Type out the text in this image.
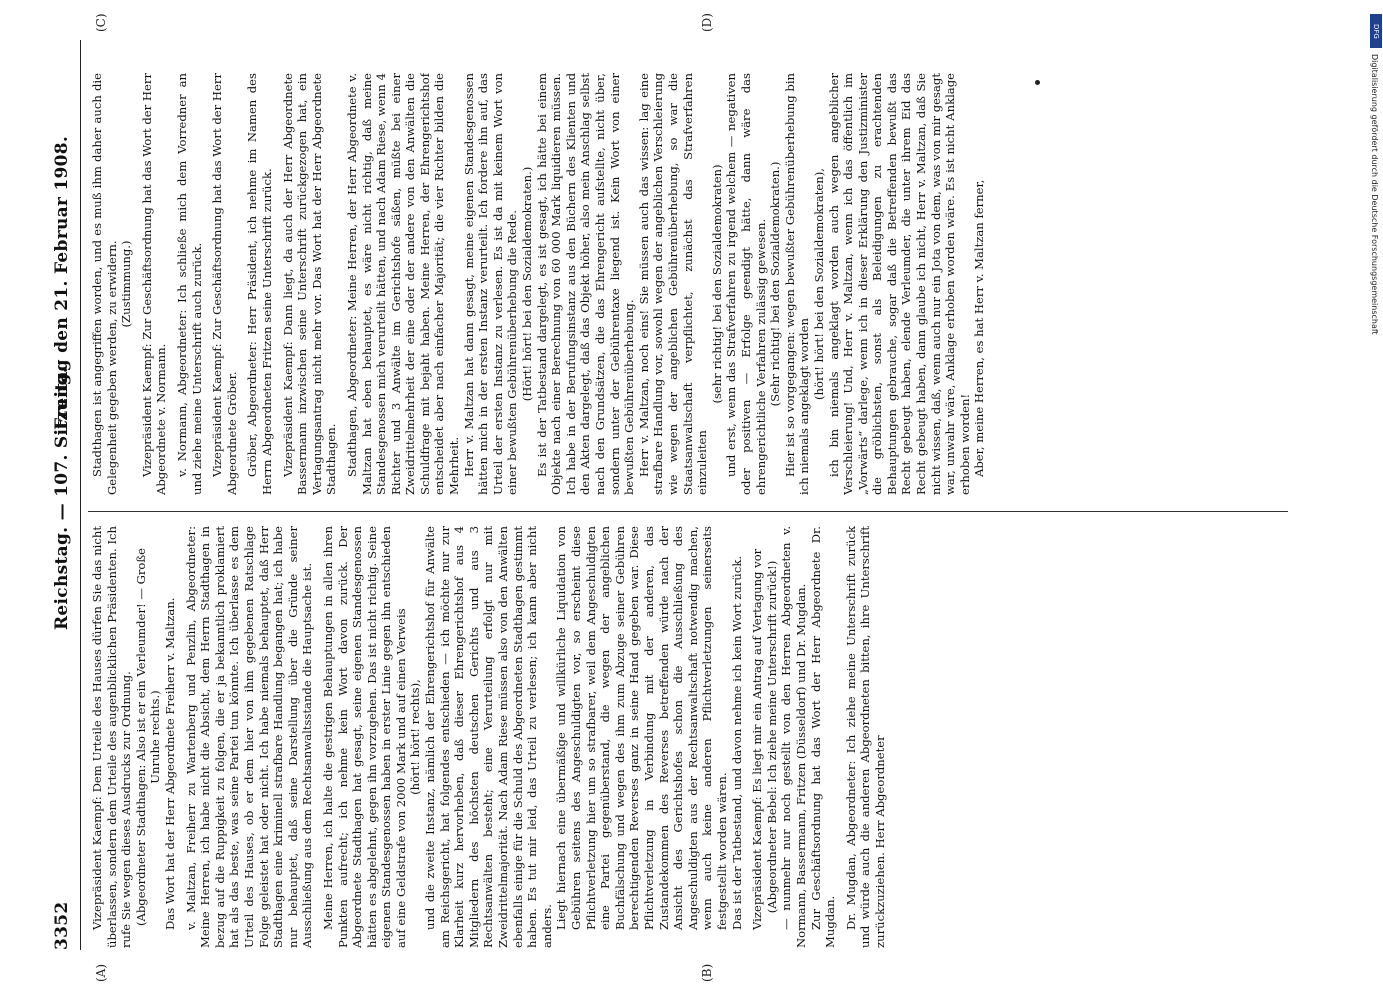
3352
Reichstag. — 107. Sitzung.
Freitag den 21. Februar 1908.
(A)	(B)
(C)	(D)

Vizepräsident Kaempf: Dem Urteile des Hauses dürfen Sie das nicht überlassen, sondern dem Urteile des augenblicklichen Präsidenten. Ich rufe Sie wegen dieses Ausdrucks zur Ordnung. (Abgeordneter Stadthagen: Also ist er ein Verleumder! — Große Unruhe rechts.) Das Wort hat der Herr Abgeordnete Freiherr v. Maltzan. v. Maltzan, Freiherr zu Wartenberg und Penzlin, Abgeordneter: Meine Herren, ich habe nicht die Absicht, dem Herrn Stadthagen in bezug auf die Ruppigkeit zu folgen, die er ja bekanntlich proklamiert hat als das beste, was seine Partei tun könnte. Ich überlasse es dem Urteil des Hauses, ob er dem hier von ihm gegebenen Ratschlage Folge geleistet hat oder nicht. Ich habe niemals behauptet, daß Herr Stadthagen eine kriminell strafbare Handlung begangen hat; ich habe nur behauptet, daß seine Darstellung über die Gründe seiner Ausschließung aus dem Rechtsanwaltsstande die Hauptsache ist. Meine Herren, ich halte die gestrigen Behauptungen in allen ihren Punkten aufrecht; ich nehme kein Wort davon zurück. Der Abgeordnete Stadthagen hat gesagt, seine eigenen Standesgenossen hätten es abgelehnt, gegen ihn vorzugehen. Das ist nicht richtig. Seine eigenen Standesgenossen haben in erster Linie gegen ihn entschieden auf eine Geldstrafe von 2000 Mark und auf einen Verweis (hört! hört! rechts), und die zweite Instanz, nämlich der Ehrengerichtshof für Anwälte am Reichsgericht, hat folgendes entschieden — ich möchte nur zur Klarheit kurz hervorheben, daß dieser Ehrengerichtshof aus 4 Mitgliedern des höchsten deutschen Gerichts und aus 3 Rechtsanwälten besteht; eine Verurteilung erfolgt nur mit Zweidrittelmajorität. Nach Adam Riese müssen also von den Anwälten ebenfalls einige für die Schuld des Abgeordneten Stadthagen gestimmt haben. Es tut mir leid, das Urteil zu verlesen; ich kann aber nicht anders. Liegt hiernach eine übermäßige und willkürliche Liquidation von Gebühren seitens des Angeschuldigten vor, so erscheint diese Pflichtverletzung hier um so strafbarer, weil dem Angeschuldigten eine Partei gegenüberstand, die wegen der angeblichen Buchfälschung und wegen des ihm zum Abzuge seiner Gebühren berechtigenden Reverses ganz in seine Hand gegeben war. Diese Pflichtverletzung in Verbindung mit der anderen, das Zustandekommen des Reverses betreffenden würde nach der Ansicht des Gerichtshofes schon die Ausschließung des Angeschuldigten aus der Rechtsanwaltschaft notwendig machen, wenn auch keine anderen Pflichtverletzungen seinerseits festgestellt worden wären. Das ist der Tatbestand, und davon nehme ich kein Wort zurück. Vizepräsident Kaempf: Es liegt mir ein Antrag auf Vertagung vor (Abgeordneter Bebel: Ich ziehe meine Unterschrift zurück!) — nunmehr nur noch gestellt von den Herren Abgeordneten v. Normann, Bassermann, Fritzen (Düsseldorf) und Dr. Mugdan. Zur Geschäftsordnung hat das Wort der Herr Abgeordnete Dr. Mugdan. Dr. Mugdan, Abgeordneter: Ich ziehe meine Unterschrift zurück und würde auch die anderen Abgeordneten bitten, ihre Unterschrift zurückzuziehen. Herr Abgeordneter

Stadthagen ist angegriffen worden, und es muß ihm daher auch die Gelegenheit gegeben werden, zu erwidern. (Zustimmung.) Vizepräsident Kaempf: Zur Geschäftsordnung hat das Wort der Herr Abgeordnete v. Normann. v. Normann, Abgeordneter: Ich schließe mich dem Vorredner an und ziehe meine Unterschrift auch zurück. Vizepräsident Kaempf: Zur Geschäftsordnung hat das Wort der Herr Abgeordnete Gröber. Gröber, Abgeordneter: Herr Präsident, ich nehme im Namen des Herrn Abgeordneten Fritzen seine Unterschrift zurück. Vizepräsident Kaempf: Dann liegt, da auch der Herr Abgeordnete Bassermann inzwischen seine Unterschrift zurückgezogen hat, ein Vertagungsantrag nicht mehr vor. Das Wort hat der Herr Abgeordnete Stadthagen. Stadthagen, Abgeordneter: Meine Herren, der Herr Abgeordnete v. Maltzan hat eben behauptet, es wäre nicht richtig, daß meine Standesgenossen mich verurteilt hätten, und nach Adam Riese, wenn 4 Richter und 3 Anwälte im Gerichtshofe säßen, müßte bei einer Zweidrittelmehrheit der eine oder der andere von den Anwälten die Schuldfrage mit bejaht haben. Meine Herren, der Ehrengerichtshof entscheidet aber nach einfacher Majorität; die vier Richter bilden die Mehrheit. Herr v. Maltzan hat dann gesagt, meine eigenen Standesgenossen hätten mich in der ersten Instanz verurteilt. Ich fordere ihn auf, das Urteil der ersten Instanz zu verlesen. Es ist da mit keinem Wort von einer bewußten Gebührenüberhebung die Rede. (Hört! hört! bei den Sozialdemokraten.) Es ist der Tatbestand dargelegt, es ist gesagt, ich hätte bei einem Objekte nach einer Berechnung von 60 000 Mark liquidieren müssen. Ich habe in der Berufungsinstanz aus den Büchern des Klienten und den Akten dargelegt, daß das Objekt höher, also mein Anschlag selbst nach den Grundsätzen, die das Ehrengericht aufstellte, nicht über, sondern unter der Gebührentaxe liegend ist. Kein Wort von einer bewußten Gebührenüberhebung. Herr v. Maltzan, noch eins! Sie müssen auch das wissen: lag eine strafbare Handlung vor, sowohl wegen der angeblichen Verschleierung wie wegen der angeblichen Gebührenüberhebung, so war die Staatsanwaltschaft verpflichtet, zunächst das Strafverfahren einzuleiten

(sehr richtig! bei den Sozialdemokraten) und erst, wenn das Strafverfahren zu irgend welchem — negativen oder positiven — Erfolge geendigt hätte, dann wäre das ehrengerichtliche Verfahren zulässig gewesen. (Sehr richtig! bei den Sozialdemokraten.) Hier ist so vorgegangen: wegen bewußter Gebührenüberhebung bin ich niemals angeklagt worden

(hört! hört! bei den Sozialdemokraten), ich bin niemals angeklagt worden auch wegen angeblicher Verschleierung! Und, Herr v. Maltzan, wenn ich das öffentlich im „Vorwärts“ darlege, wenn ich in dieser Erklärung den Justizminister die gröblichsten, sonst als Beleidigungen zu erachtenden Behauptungen gebrauche, sogar daß die Betreffenden bewußt das Recht gebeugt haben, elende Verleumder, die unter ihrem Eid das Recht gebeugt haben, dann glaube ich nicht, Herr v. Maltzan, daß Sie nicht wissen, daß, wenn auch nur ein Jota von dem, was von mir gesagt war, unwahr wäre, Anklage erhoben worden wäre. Es ist nicht Anklage erhoben worden! Aber, meine Herren, es hat Herr v. Maltzan ferner,

DFG
Digitalisierung gefördert durch die Deutsche Forschungsgemeinschaft
